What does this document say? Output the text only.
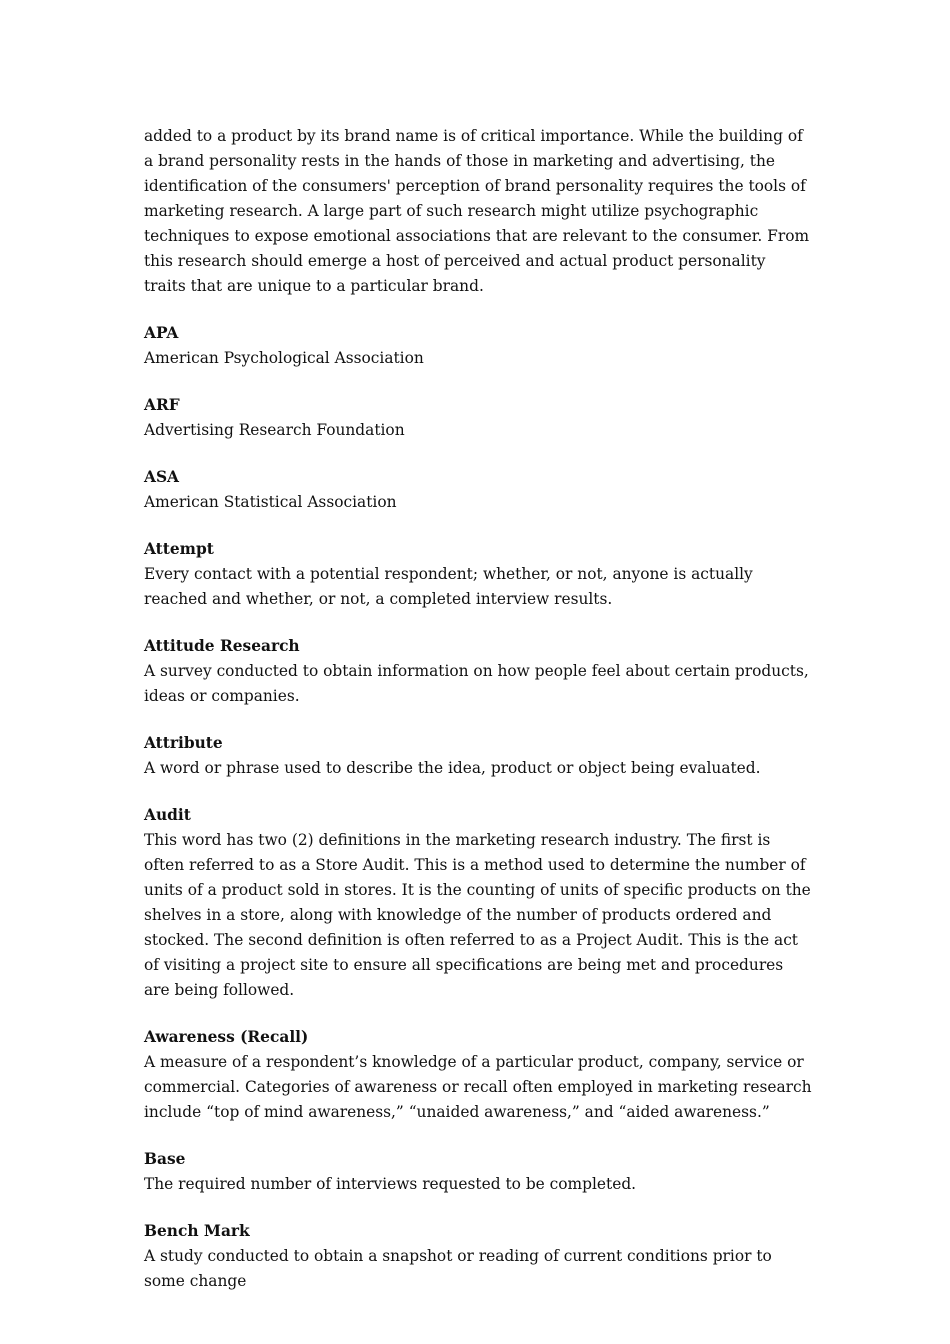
added to a product by its brand name is of critical importance. While the building of a brand personality rests in the hands of those in marketing and advertising, the identification of the consumers' perception of brand personality requires the tools of marketing research. A large part of such research might utilize psychographic techniques to expose emotional associations that are relevant to the consumer. From this research should emerge a host of perceived and actual product personality traits that are unique to a particular brand.

APA

American Psychological Association

ARF

Advertising Research Foundation

ASA

American Statistical Association

Attempt

Every contact with a potential respondent; whether, or not, anyone is actually reached and whether, or not, a completed interview results.

Attitude Research

A survey conducted to obtain information on how people feel about certain products, ideas or companies.

Attribute

A word or phrase used to describe the idea, product or object being evaluated.

Audit

This word has two (2) definitions in the marketing research industry. The first is often referred to as a Store Audit. This is a method used to determine the number of units of a product sold in stores. It is the counting of units of specific products on the shelves in a store, along with knowledge of the number of products ordered and stocked. The second definition is often referred to as a Project Audit. This is the act of visiting a project site to ensure all specifications are being met and procedures are being followed.

Awareness (Recall)

A measure of a respondent’s knowledge of a particular product, company, service or commercial. Categories of awareness or recall often employed in marketing research include “top of mind awareness,” “unaided awareness,” and “aided awareness.”

Base

The required number of interviews requested to be completed.

Bench Mark

A study conducted to obtain a snapshot or reading of current conditions prior to some change
